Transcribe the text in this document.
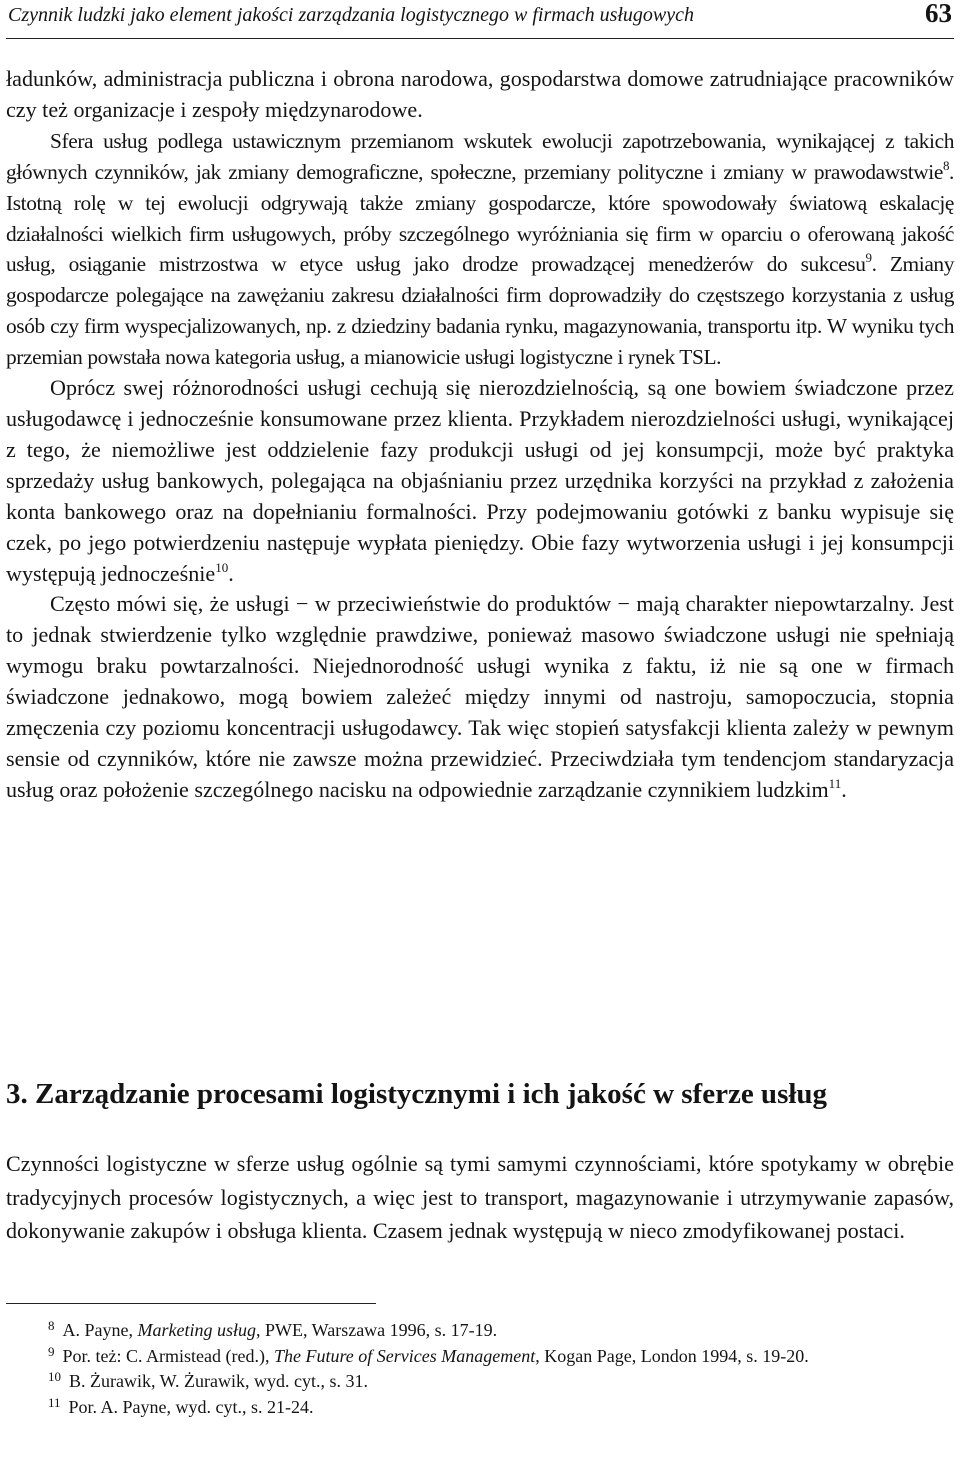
Czynnik ludzki jako element jakości zarządzania logistycznego w firmach usługowych	63

ładunków, administracja publiczna i obrona narodowa, gospodarstwa domowe zatrudniające pracowników czy też organizacje i zespoły międzynarodowe.

Sfera usług podlega ustawicznym przemianom wskutek ewolucji zapotrzebowania, wynikającej z takich głównych czynników, jak zmiany demograficzne, społeczne, przemiany polityczne i zmiany w prawodawstwie$^8$. Istotną rolę w tej ewolucji odgrywają także zmiany gospodarcze, które spowodowały światową eskalację działalności wielkich firm usługowych, próby szczególnego wyróżniania się firm w oparciu o oferowaną jakość usług, osiąganie mistrzostwa w etyce usług jako drodze prowadzącej menedżerów do sukcesu$^9$. Zmiany gospodarcze polegające na zawężaniu zakresu działalności firm doprowadziły do częstszego korzystania z usług osób czy firm wyspecjalizowanych, np. z dziedziny badania rynku, magazynowania, transportu itp. W wyniku tych przemian powstała nowa kategoria usług, a mianowicie usługi logistyczne i rynek TSL.

Oprócz swej różnorodności usługi cechują się nierozdzielnością, są one bowiem świadczone przez usługodawcę i jednocześnie konsumowane przez klienta. Przykładem nierozdzielności usługi, wynikającej z tego, że niemożliwe jest oddzielenie fazy produkcji usługi od jej konsumpcji, może być praktyka sprzedaży usług bankowych, polegająca na objaśnianiu przez urzędnika korzyści na przykład z założenia konta bankowego oraz na dopełnianiu formalności. Przy podejmowaniu gotówki z banku wypisuje się czek, po jego potwierdzeniu następuje wypłata pieniędzy. Obie fazy wytworzenia usługi i jej konsumpcji występują jednocześnie$^{10}$.

Często mówi się, że usługi − w przeciwieństwie do produktów − mają charakter niepowtarzalny. Jest to jednak stwierdzenie tylko względnie prawdziwe, ponieważ masowo świadczone usługi nie spełniają wymogu braku powtarzalności. Niejednorodność usługi wynika z faktu, iż nie są one w firmach świadczone jednakowo, mogą bowiem zależeć między innymi od nastroju, samopoczucia, stopnia zmęczenia czy poziomu koncentracji usługodawcy. Tak więc stopień satysfakcji klienta zależy w pewnym sensie od czynników, które nie zawsze można przewidzieć. Przeciwdziała tym tendencjom standaryzacja usług oraz położenie szczególnego nacisku na odpowiednie zarządzanie czynnikiem ludzkim$^{11}$.

3. Zarządzanie procesami logistycznymi i ich jakość w sferze usług

Czynności logistyczne w sferze usług ogólnie są tymi samymi czynnościami, które spotykamy w obrębie tradycyjnych procesów logistycznych, a więc jest to transport, magazynowanie i utrzymywanie zapasów, dokonywanie zakupów i obsługa klienta. Czasem jednak występują w nieco zmodyfikowanej postaci.

$^8$ A. Payne, Marketing usług, PWE, Warszawa 1996, s. 17-19.

$^9$ Por. też: C. Armistead (red.), The Future of Services Management, Kogan Page, London 1994, s. 19-20.

$^{10}$ B. Żurawik, W. Żurawik, wyd. cyt., s. 31.

$^{11}$ Por. A. Payne, wyd. cyt., s. 21-24.
